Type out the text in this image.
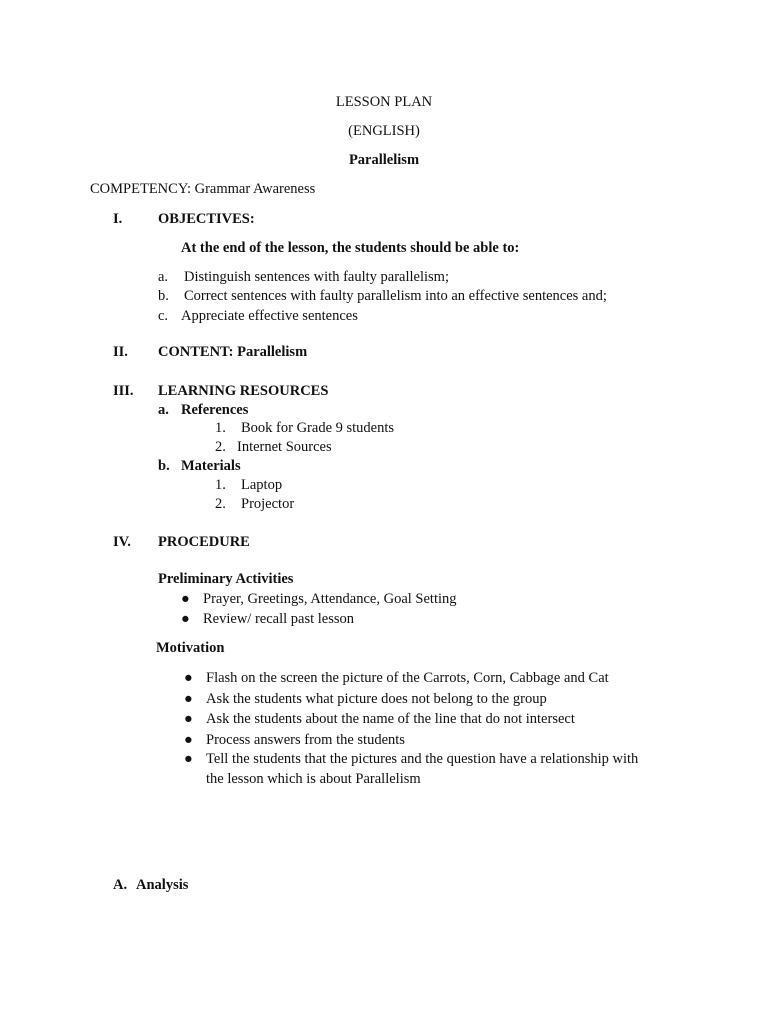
LESSON PLAN
(ENGLISH)
Parallelism
COMPETENCY: Grammar Awareness
I. OBJECTIVES:
At the end of the lesson, the students should be able to:
a. Distinguish sentences with faulty parallelism;
b. Correct sentences with faulty parallelism into an effective sentences and;
c. Appreciate effective sentences
II. CONTENT: Parallelism
III. LEARNING RESOURCES
a. References
1. Book for Grade 9 students
2. Internet Sources
b. Materials
1. Laptop
2. Projector
IV. PROCEDURE
Preliminary Activities
● Prayer, Greetings, Attendance, Goal Setting
● Review/ recall past lesson
Motivation
● Flash on the screen the picture of the Carrots, Corn, Cabbage and Cat
● Ask the students what picture does not belong to the group
● Ask the students about the name of the line that do not intersect
● Process answers from the students
● Tell the students that the pictures and the question have a relationship with
the lesson which is about Parallelism
A. Analysis
